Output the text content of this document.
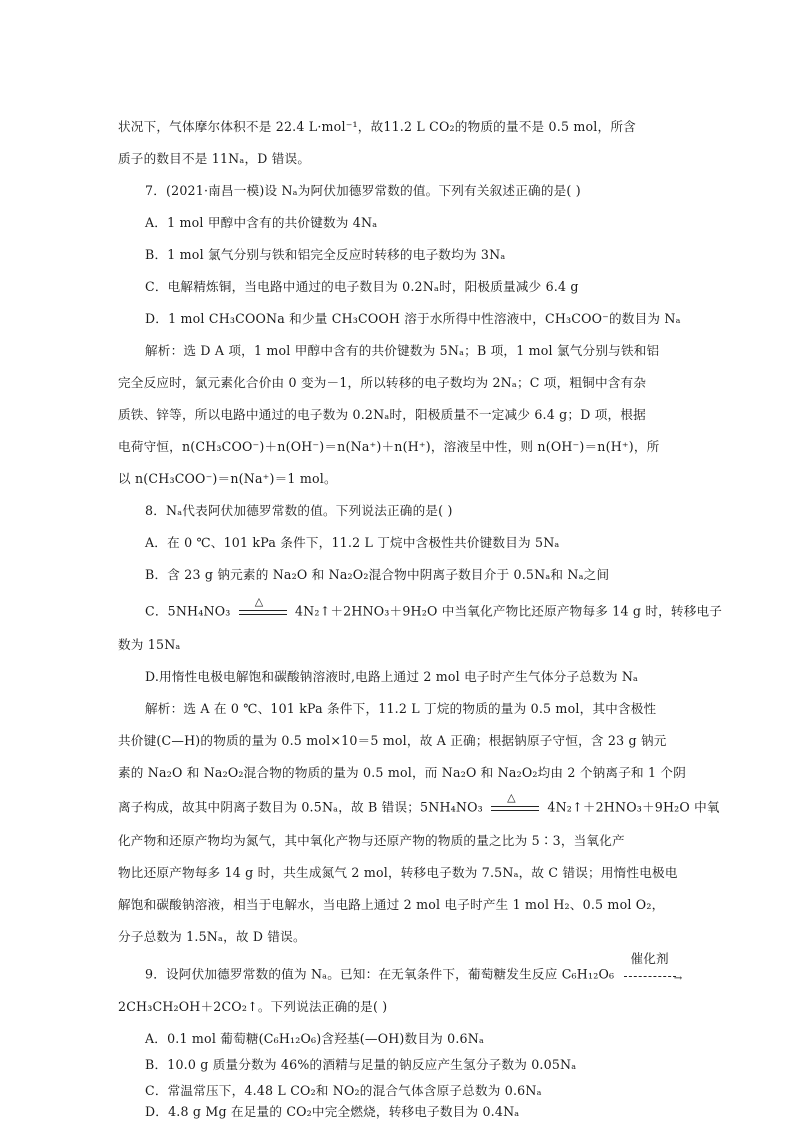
状况下，气体摩尔体积不是 22.4 L·mol⁻¹，故11.2 L CO₂的物质的量不是 0.5 mol，所含
质子的数目不是 11Nₐ，D 错误。
7．(2021·南昌一模)设 Nₐ为阿伏加德罗常数的值。下列有关叙述正确的是( )
A．1 mol 甲醇中含有的共价键数为 4Nₐ
B．1 mol 氯气分别与铁和铝完全反应时转移的电子数均为 3Nₐ
C．电解精炼铜，当电路中通过的电子数目为 0.2Nₐ时，阳极质量减少 6.4 g
D．1 mol CH₃COONa 和少量 CH₃COOH 溶于水所得中性溶液中，CH₃COO⁻的数目为 Nₐ
解析：选 D A 项，1 mol 甲醇中含有的共价键数为 5Nₐ；B 项，1 mol 氯气分别与铁和铝
完全反应时，氯元素化合价由 0 变为－1，所以转移的电子数均为 2Nₐ；C 项，粗铜中含有杂
质铁、锌等，所以电路中通过的电子数为 0.2Nₐ时，阳极质量不一定减少 6.4 g；D 项，根据
电荷守恒，n(CH₃COO⁻)＋n(OH⁻)＝n(Na⁺)＋n(H⁺)，溶液呈中性，则 n(OH⁻)＝n(H⁺)，所
以 n(CH₃COO⁻)＝n(Na⁺)＝1 mol。
8．Nₐ代表阿伏加德罗常数的值。下列说法正确的是( )
A．在 0 ℃、101 kPa 条件下，11.2 L 丁烷中含极性共价键数目为 5Nₐ
B．含 23 g 钠元素的 Na₂O 和 Na₂O₂混合物中阴离子数目介于 0.5Nₐ和 Nₐ之间
C．5NH₄NO₃
△
4N₂↑＋2HNO₃＋9H₂O 中当氧化产物比还原产物每多 14 g 时，转移电子
数为 15Nₐ
D.用惰性电极电解饱和碳酸钠溶液时,电路上通过 2 mol 电子时产生气体分子总数为 Nₐ
解析：选 A 在 0 ℃、101 kPa 条件下，11.2 L 丁烷的物质的量为 0.5 mol，其中含极性
共价键(C—H)的物质的量为 0.5 mol×10＝5 mol，故 A 正确；根据钠原子守恒，含 23 g 钠元
素的 Na₂O 和 Na₂O₂混合物的物质的量为 0.5 mol，而 Na₂O 和 Na₂O₂均由 2 个钠离子和 1 个阴
离子构成，故其中阴离子数目为 0.5Nₐ，故 B 错误；5NH₄NO₃
△
4N₂↑＋2HNO₃＋9H₂O 中氧
化产物和还原产物均为氮气，其中氧化产物与还原产物的物质的量之比为 5∶3，当氧化产
物比还原产物每多 14 g 时，共生成氮气 2 mol，转移电子数为 7.5Nₐ，故 C 错误；用惰性电极电
解饱和碳酸钠溶液，相当于电解水，当电路上通过 2 mol 电子时产生 1 mol H₂、0.5 mol O₂，
分子总数为 1.5Nₐ，故 D 错误。
9．设阿伏加德罗常数的值为 Nₐ。已知：在无氧条件下，葡萄糖发生反应 C₆H₁₂O₆
催化剂
→
2CH₃CH₂OH＋2CO₂↑。下列说法正确的是( )
A．0.1 mol 葡萄糖(C₆H₁₂O₆)含羟基(—OH)数目为 0.6Nₐ
B．10.0 g 质量分数为 46%的酒精与足量的钠反应产生氢分子数为 0.05Nₐ
C．常温常压下，4.48 L CO₂和 NO₂的混合气体含原子总数为 0.6Nₐ
D．4.8 g Mg 在足量的 CO₂中完全燃烧，转移电子数目为 0.4Nₐ
